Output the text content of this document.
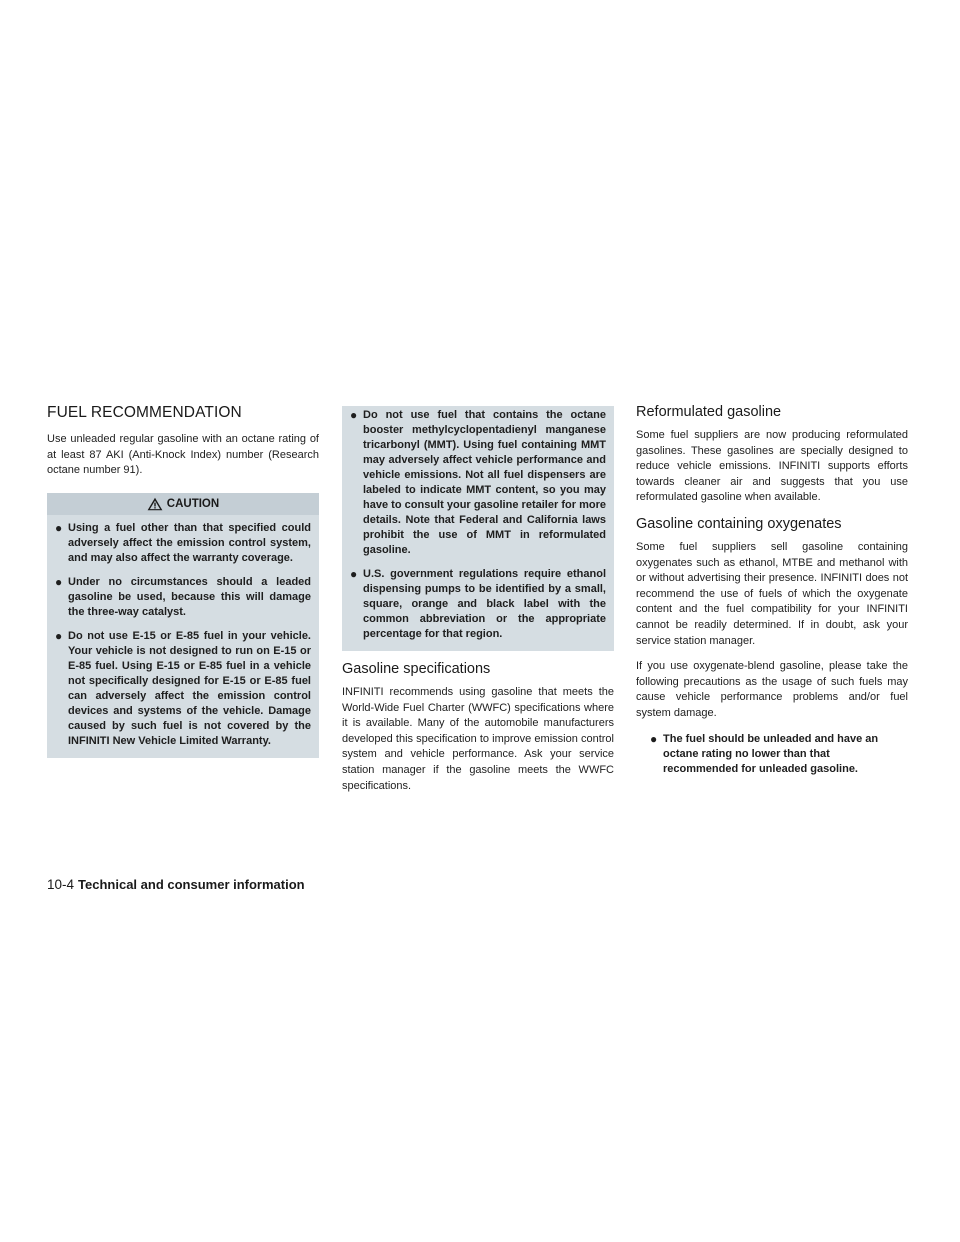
FUEL RECOMMENDATION

Use unleaded regular gasoline with an octane rating of at least 87 AKI (Anti-Knock Index) number (Research octane number 91).

CAUTION
● Using a fuel other than that specified could adversely affect the emission control system, and may also affect the warranty coverage.
● Under no circumstances should a leaded gasoline be used, because this will damage the three-way catalyst.
● Do not use E-15 or E-85 fuel in your vehicle. Your vehicle is not designed to run on E-15 or E-85 fuel. Using E-15 or E-85 fuel in a vehicle not specifically designed for E-15 or E-85 fuel can adversely affect the emission control devices and systems of the vehicle. Damage caused by such fuel is not covered by the INFINITI New Vehicle Limited Warranty.
● Do not use fuel that contains the octane booster methylcyclopentadienyl manganese tricarbonyl (MMT). Using fuel containing MMT may adversely affect vehicle performance and vehicle emissions. Not all fuel dispensers are labeled to indicate MMT content, so you may have to consult your gasoline retailer for more details. Note that Federal and California laws prohibit the use of MMT in reformulated gasoline.
● U.S. government regulations require ethanol dispensing pumps to be identified by a small, square, orange and black label with the common abbreviation or the appropriate percentage for that region.
Gasoline specifications

INFINITI recommends using gasoline that meets the World-Wide Fuel Charter (WWFC) specifications where it is available. Many of the automobile manufacturers developed this specification to improve emission control system and vehicle performance. Ask your service station manager if the gasoline meets the WWFC specifications.

Reformulated gasoline

Some fuel suppliers are now producing reformulated gasolines. These gasolines are specially designed to reduce vehicle emissions. INFINITI supports efforts towards cleaner air and suggests that you use reformulated gasoline when available.

Gasoline containing oxygenates

Some fuel suppliers sell gasoline containing oxygenates such as ethanol, MTBE and methanol with or without advertising their presence. INFINITI does not recommend the use of fuels of which the oxygenate content and the fuel compatibility for your INFINITI cannot be readily determined. If in doubt, ask your service station manager.

If you use oxygenate-blend gasoline, please take the following precautions as the usage of such fuels may cause vehicle performance problems and/or fuel system damage.

● The fuel should be unleaded and have an octane rating no lower than that recommended for unleaded gasoline.
10-4 Technical and consumer information
